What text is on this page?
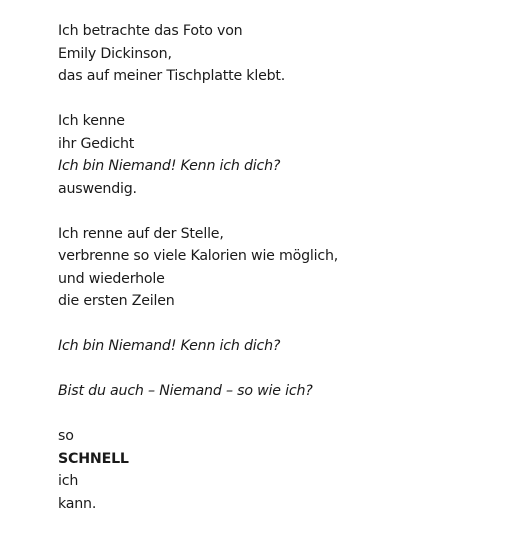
Ich betrachte das Foto von
Emily Dickinson,
das auf meiner Tischplatte klebt.
Ich kenne
ihr Gedicht
Ich bin Niemand! Kenn ich dich?
auswendig.
Ich renne auf der Stelle,
verbrenne so viele Kalorien wie möglich,
und wiederhole
die ersten Zeilen
Ich bin Niemand! Kenn ich dich?
Bist du auch – Niemand – so wie ich?
so
SCHNELL
ich
kann.
